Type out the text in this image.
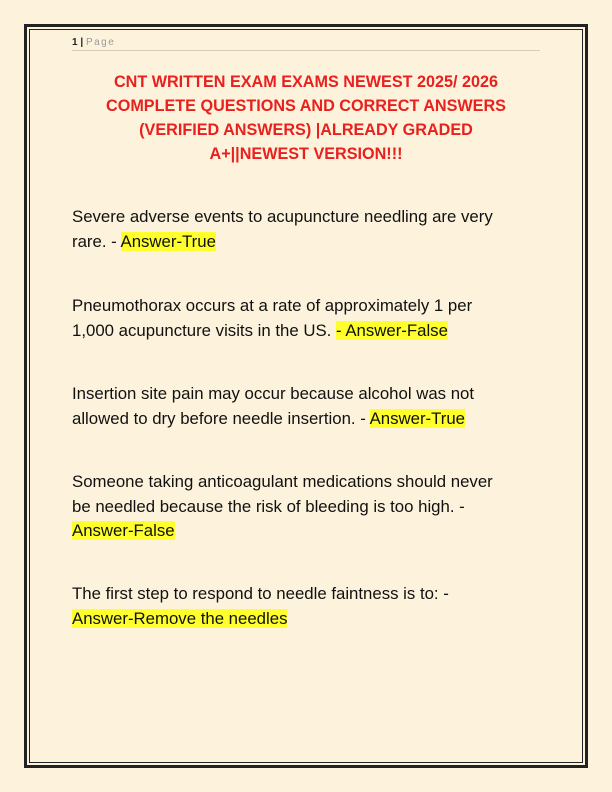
1 | Page
CNT WRITTEN EXAM EXAMS NEWEST 2025/ 2026
COMPLETE QUESTIONS AND CORRECT ANSWERS
(VERIFIED ANSWERS) |ALREADY GRADED
A+||NEWEST VERSION!!!
Severe adverse events to acupuncture needling are very
rare. - Answer-True
Pneumothorax occurs at a rate of approximately 1 per
1,000 acupuncture visits in the US. - Answer-False
Insertion site pain may occur because alcohol was not
allowed to dry before needle insertion. - Answer-True
Someone taking anticoagulant medications should never
be needled because the risk of bleeding is too high. -
Answer-False
The first step to respond to needle faintness is to: -
Answer-Remove the needles
